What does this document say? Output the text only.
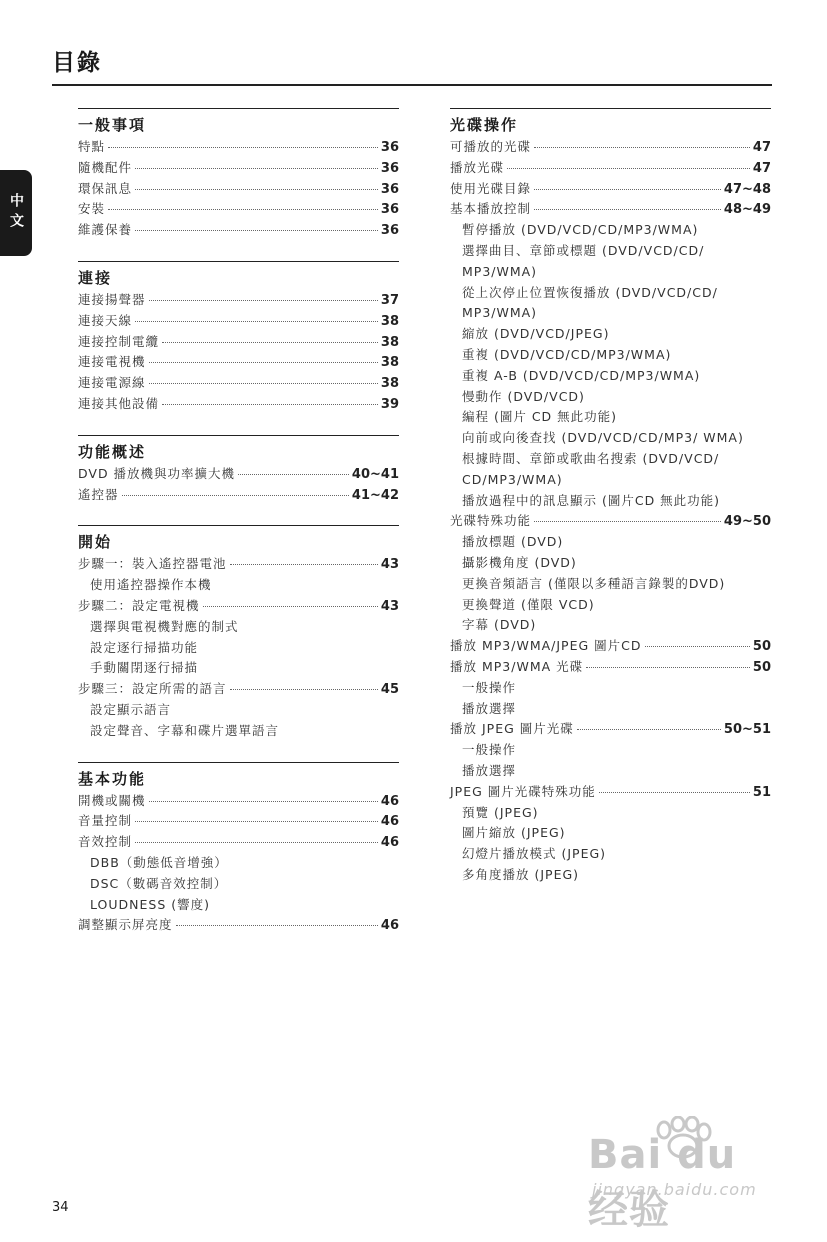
目錄
中文
一般事項
特點	36
隨機配件	36
環保訊息	36
安裝	36
維護保養	36
連接
連接揚聲器	37
連接天線	38
連接控制電纜	38
連接電視機	38
連接電源線	38
連接其他設備	39
功能概述
DVD 播放機與功率擴大機	40~41
遙控器	41~42
開始
步驟一：裝入遙控器電池	43
使用遙控器操作本機
步驟二：設定電視機	43
選擇與電視機對應的制式
設定逐行掃描功能
手動關閉逐行掃描
步驟三：設定所需的語言	45
設定顯示語言
設定聲音、字幕和碟片選單語言
基本功能
開機或關機	46
音量控制	46
音效控制	46
DBB（動態低音增強）
DSC（數碼音效控制）
LOUDNESS (響度)
調整顯示屏亮度	46
光碟操作
可播放的光碟	47
播放光碟	47
使用光碟目錄	47~48
基本播放控制	48~49
暫停播放 (DVD/VCD/CD/MP3/WMA)
選擇曲目、章節或標題 (DVD/VCD/CD/ MP3/WMA)
從上次停止位置恢復播放 (DVD/VCD/CD/ MP3/WMA)
縮放 (DVD/VCD/JPEG)
重複 (DVD/VCD/CD/MP3/WMA)
重複 A-B (DVD/VCD/CD/MP3/WMA)
慢動作 (DVD/VCD)
編程 (圖片 CD 無此功能)
向前或向後查找 (DVD/VCD/CD/MP3/ WMA)
根據時間、章節或歌曲名搜索 (DVD/VCD/ CD/MP3/WMA)
播放過程中的訊息顯示 (圖片CD 無此功能)
光碟特殊功能	49~50
播放標題 (DVD)
攝影機角度 (DVD)
更換音頻語言 (僅限以多種語言錄製的DVD)
更換聲道 (僅限 VCD)
字幕 (DVD)
播放 MP3/WMA/JPEG 圖片CD	50
播放 MP3/WMA 光碟	50
一般操作
播放選擇
播放 JPEG 圖片光碟	50~51
一般操作
播放選擇
JPEG 圖片光碟特殊功能	51
預覽 (JPEG)
圖片縮放 (JPEG)
幻燈片播放模式 (JPEG)
多角度播放 (JPEG)
34
Bai du 经验
jingyan.baidu.com
